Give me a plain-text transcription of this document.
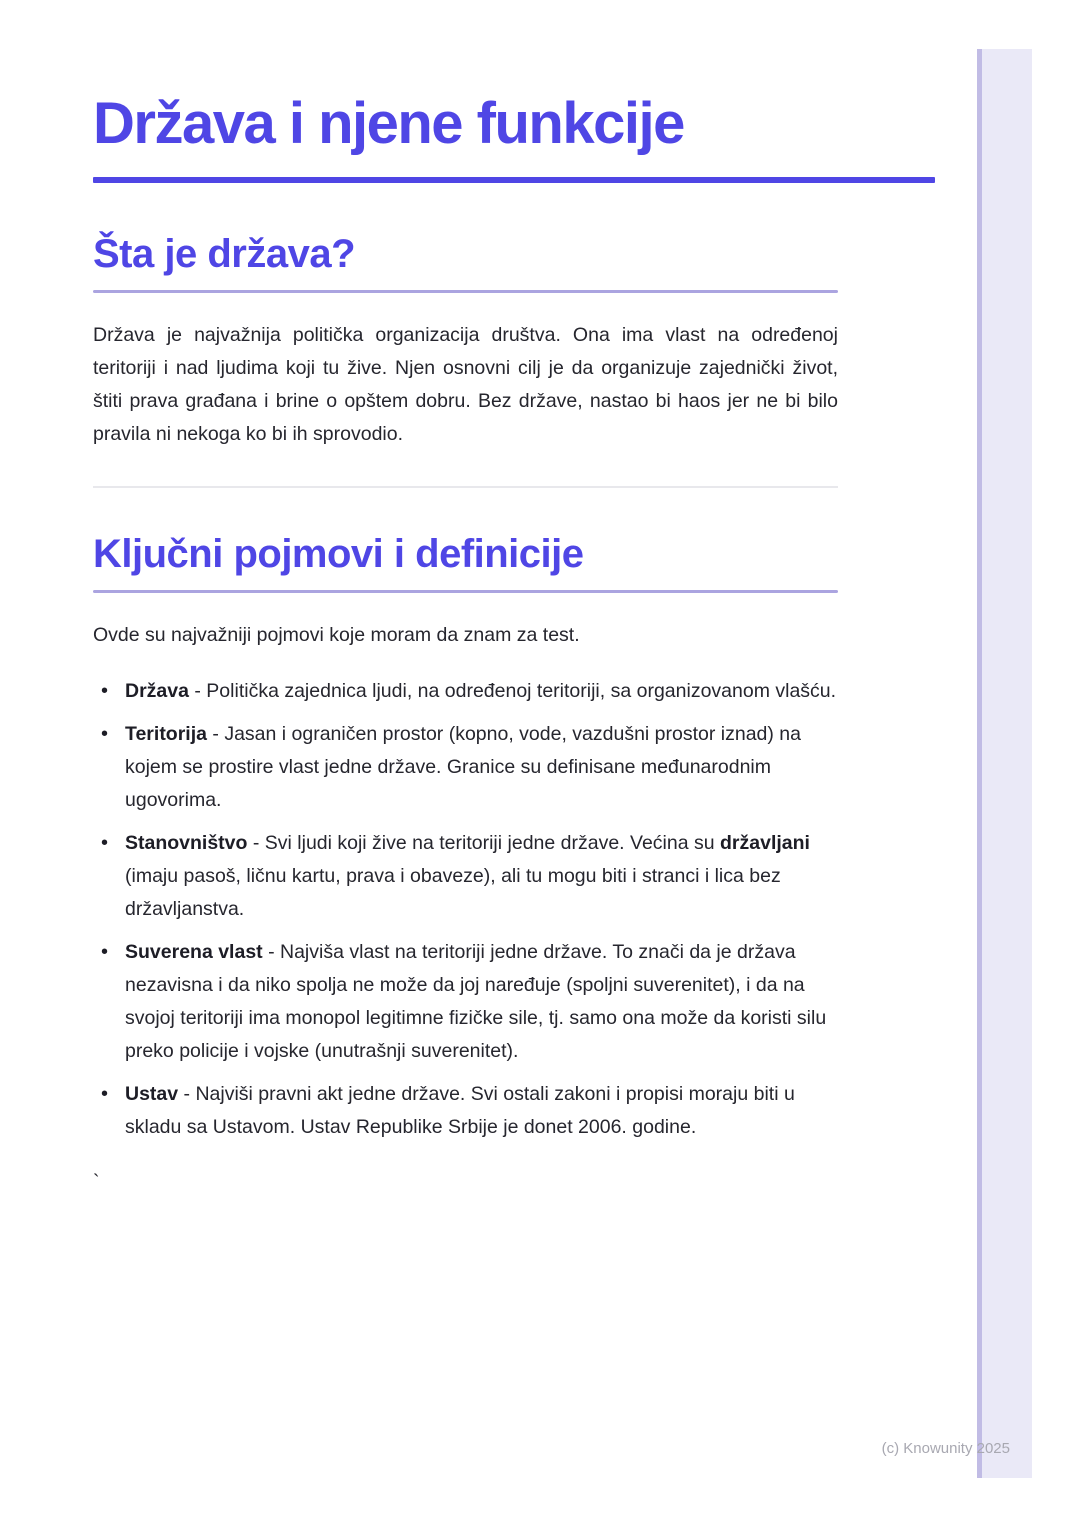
Država i njene funkcije
Šta je država?

Država je najvažnija politička organizacija društva. Ona ima vlast na određenoj teritoriji i nad ljudima koji tu žive. Njen osnovni cilj je da organizuje zajednički život, štiti prava građana i brine o opštem dobru. Bez države, nastao bi haos jer ne bi bilo pravila ni nekoga ko bi ih sprovodio.

Ključni pojmovi i definicije

Ovde su najvažniji pojmovi koje moram da znam za test.

• Država - Politička zajednica ljudi, na određenoj teritoriji, sa organizovanom vlašću.
• Teritorija - Jasan i ograničen prostor (kopno, vode, vazdušni prostor iznad) na kojem se prostire vlast jedne države. Granice su definisane međunarodnim ugovorima.
• Stanovništvo - Svi ljudi koji žive na teritoriji jedne države. Većina su državljani (imaju pasoš, ličnu kartu, prava i obaveze), ali tu mogu biti i stranci i lica bez državljanstva.
• Suverena vlast - Najviša vlast na teritoriji jedne države. To znači da je država nezavisna i da niko spolja ne može da joj naređuje (spoljni suverenitet), i da na svojoj teritoriji ima monopol legitimne fizičke sile, tj. samo ona može da koristi silu preko policije i vojske (unutrašnji suverenitet).
• Ustav - Najviši pravni akt jedne države. Svi ostali zakoni i propisi moraju biti u skladu sa Ustavom. Ustav Republike Srbije je donet 2006. godine.
`
(c) Knowunity 2025
